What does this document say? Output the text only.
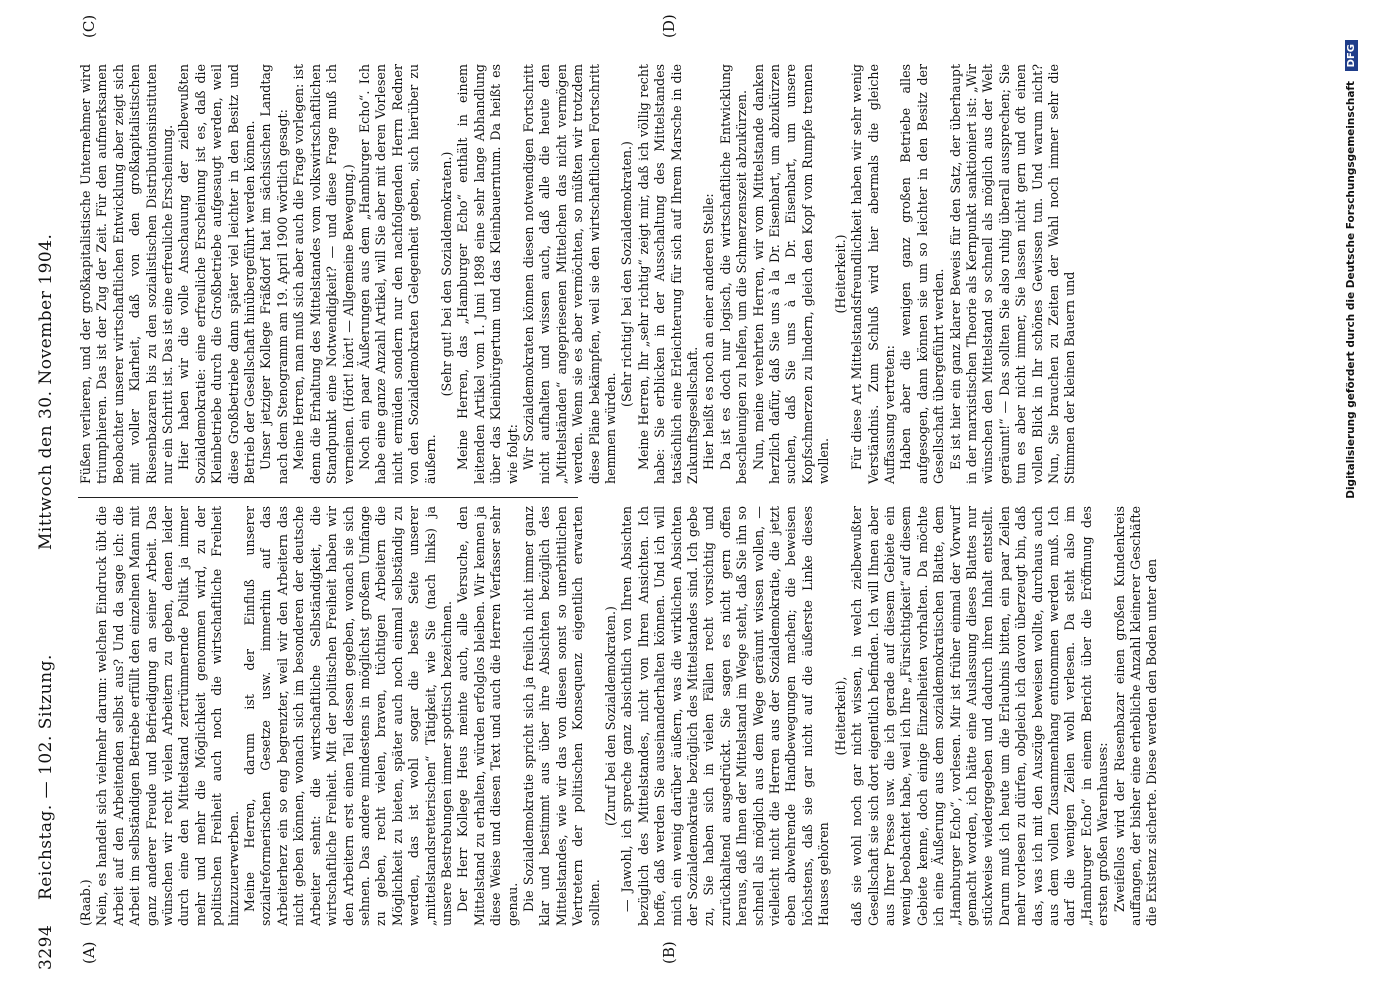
3294
Reichstag. — 102. Sitzung.
Mittwoch den 30. November 1904.
(A)	(B)
(C)	(D)

(Raab.) Nein, es handelt sich vielmehr darum: welchen Eindruck übt die Arbeit auf den Arbeitenden selbst aus? Und da sage ich: die Arbeit im selbständigen Betriebe erfüllt den einzelnen Mann mit ganz anderer Freude und Befriedigung an seiner Arbeit. Das wünschen wir recht vielen Arbeitern zu geben, denen leider durch eine den Mittelstand zertrümmernde Politik ja immer mehr und mehr die Möglichkeit genommen wird, zu der politischen Freiheit auch noch die wirtschaftliche Freiheit hinzuzuerwerben. Meine Herren, darum ist der Einfluß unserer sozialreformerischen Gesetze usw. immerhin auf das Arbeiterherz ein so eng begrenzter, weil wir den Arbeitern das nicht geben können, wonach sich im besonderen der deutsche Arbeiter sehnt: die wirtschaftliche Selbständigkeit, die wirtschaftliche Freiheit. Mit der politischen Freiheit haben wir den Arbeitern erst einen Teil dessen gegeben, wonach sie sich sehnen. Das andere mindestens in möglichst großem Umfange zu geben, recht vielen, braven, tüchtigen Arbeitern die Möglichkeit zu bieten, später auch noch einmal selbständig zu werden, das ist wohl sogar die beste Seite unserer „mittelstandsretterischen“ Tätigkeit, wie Sie (nach links) ja unsere Bestrebungen immer spottisch bezeichnen. Der Herr Kollege Heus meinte auch, alle Versuche, den Mittelstand zu erhalten, würden erfolglos bleiben. Wir kennen ja diese Weise und diesen Text und auch die Herren Verfasser sehr genau. Die Sozialdemokratie spricht sich ja freilich nicht immer ganz klar und bestimmt aus über ihre Absichten bezüglich des Mittelstandes, wie wir das von diesen sonst so unerbittlichen Vertretern der politischen Konsequenz eigentlich erwarten sollten.

(Zuruf bei den Sozialdemokraten.) — Jawohl, ich spreche ganz absichtlich von Ihren Absichten bezüglich des Mittelstandes, nicht von Ihren Ansichten. Ich hoffe, daß werden Sie auseinanderhalten können. Und ich will mich ein wenig darüber äußern, was die wirklichen Absichten der Sozialdemokratie bezüglich des Mittelstandes sind. Ich gebe zu, Sie haben sich in vielen Fällen recht vorsichtig und zurückhaltend ausgedrückt. Sie sagen es nicht gern offen heraus, daß Ihnen der Mittelstand im Wege steht, daß Sie ihn so schnell als möglich aus dem Wege geräumt wissen wollen, — vielleicht nicht die Herren aus der Sozialdemokratie, die jetzt eben abwehrende Handbewegungen machen; die beweisen höchstens, daß sie gar nicht auf die äußerste Linke dieses Hauses gehören

(Heiterkeit), daß sie wohl noch gar nicht wissen, in welch zielbewußter Gesellschaft sie sich dort eigentlich befinden. Ich will Ihnen aber aus Ihrer Presse usw. die ich gerade auf diesem Gebiete ein wenig beobachtet habe, weil ich Ihre „Fürsichtigkeit“ auf diesem Gebiete kenne, doch einige Einzelheiten vorhalten. Da möchte ich eine Äußerung aus dem sozialdemokratischen Blatte, dem „Hamburger Echo“, vorlesen. Mir ist früher einmal der Vorwurf gemacht worden, ich hätte eine Auslassung dieses Blattes nur stückweise wiedergegeben und dadurch ihren Inhalt entstellt. Darum muß ich heute um die Erlaubnis bitten, ein paar Zeilen mehr vorlesen zu dürfen, obgleich ich davon überzeugt bin, daß das, was ich mit den Auszüge beweisen wollte, durchaus auch aus dem vollen Zusammenhang entnommen werden muß. Ich darf die wenigen Zeilen wohl verlesen. Da steht also im „Hamburger Echo“ in einem Bericht über die Eröffnung des ersten großen Warenhauses: Zweifellos wird der Riesenbazar einen großen Kundenkreis auffangen, der bisher eine erhebliche Anzahl kleinerer Geschäfte die Existenz sicherte. Diese werden den Boden unter den

Füßen verlieren, und der großkapitalistische Unternehmer wird triumphieren. Das ist der Zug der Zeit. Für den aufmerksamen Beobachter unserer wirtschaftlichen Entwicklung aber zeigt sich mit voller Klarheit, daß von den großkapitalistischen Riesenbazaren bis zu den sozialistischen Distributionsinstituten nur ein Schritt ist. Das ist eine erfreuliche Erscheinung. Hier haben wir die volle Anschauung der zielbewußten Sozialdemokratie: eine erfreuliche Erscheinung ist es, daß die Kleinbetriebe durch die Großbetriebe aufgesaugt werden, weil diese Großbetriebe dann später viel leichter in den Besitz und Betrieb der Gesellschaft hinübergeführt werden können. Unser jetziger Kollege Fräßdorf hat im sächsischen Landtag nach dem Stenogramm am 19. April 1900 wörtlich gesagt: Meine Herren, man muß sich aber auch die Frage vorlegen: ist denn die Erhaltung des Mittelstandes vom volkswirtschaftlichen Standpunkt eine Notwendigkeit? — und diese Frage muß ich verneinen. (Hört! hört! — Allgemeine Bewegung.) Noch ein paar Äußerungen aus dem „Hamburger Echo“. Ich habe eine ganze Anzahl Artikel, will Sie aber mit deren Vorlesen nicht ermüden sondern nur den nachfolgenden Herrn Redner von den Sozialdemokraten Gelegenheit geben, sich hierüber zu äußern.

(Sehr gut! bei den Sozialdemokraten.) Meine Herren, das „Hamburger Echo“ enthält in einem leitenden Artikel vom 1. Juni 1898 eine sehr lange Abhandlung über das Kleinbürgertum und das Kleinbauerntum. Da heißt es wie folgt: Wir Sozialdemokraten können diesen notwendigen Fortschritt nicht aufhalten und wissen auch, daß alle die heute den „Mittelständen“ angepriesenen Mittelchen das nicht vermögen werden. Wenn sie es aber vermöchten, so müßten wir trotzdem diese Pläne bekämpfen, weil sie den wirtschaftlichen Fortschritt hemmen würden.

(Sehr richtig! bei den Sozialdemokraten.) Meine Herren, Ihr „sehr richtig“ zeigt mir, daß ich völlig recht habe: Sie erblicken in der Ausschaltung des Mittelstandes tatsächlich eine Erleichterung für sich auf Ihrem Marsche in die Zukunftsgesellschaft. Hier heißt es noch an einer anderen Stelle: Da ist es doch nur logisch, die wirtschaftliche Entwicklung beschleunigen zu helfen, um die Schmerzenszeit abzukürzen. Nun, meine verehrten Herren, wir vom Mittelstande danken herzlich dafür, daß Sie uns à la Dr. Eisenbart, um abzukürzen suchen, daß Sie uns à la Dr. Eisenbart, um unsere Kopfschmerzen zu lindern, gleich den Kopf vom Rumpfe trennen wollen.

(Heiterkeit.) Für diese Art Mittelstandsfreundlichkeit haben wir sehr wenig Verständnis. Zum Schluß wird hier abermals die gleiche Auffassung vertreten: Haben aber die wenigen ganz großen Betriebe alles aufgesogen, dann können sie um so leichter in den Besitz der Gesellschaft übergeführt werden. Es ist hier ein ganz klarer Beweis für den Satz, der überhaupt in der marxistischen Theorie als Kernpunkt sanktioniert ist: „Wir wünschen den Mittelstand so schnell als möglich aus der Welt geräumt!“ — Das sollten Sie also ruhig überall aussprechen; Sie tun es aber nicht immer, Sie lassen nicht gern und oft einen vollen Blick in Ihr schönes Gewissen tun. Und warum nicht? Nun, Sie brauchen zu Zeiten der Wahl noch immer sehr die Stimmen der kleinen Bauern und	Digitalisierung gefördert durch die Deutsche Forschungsgemeinschaft DFG
